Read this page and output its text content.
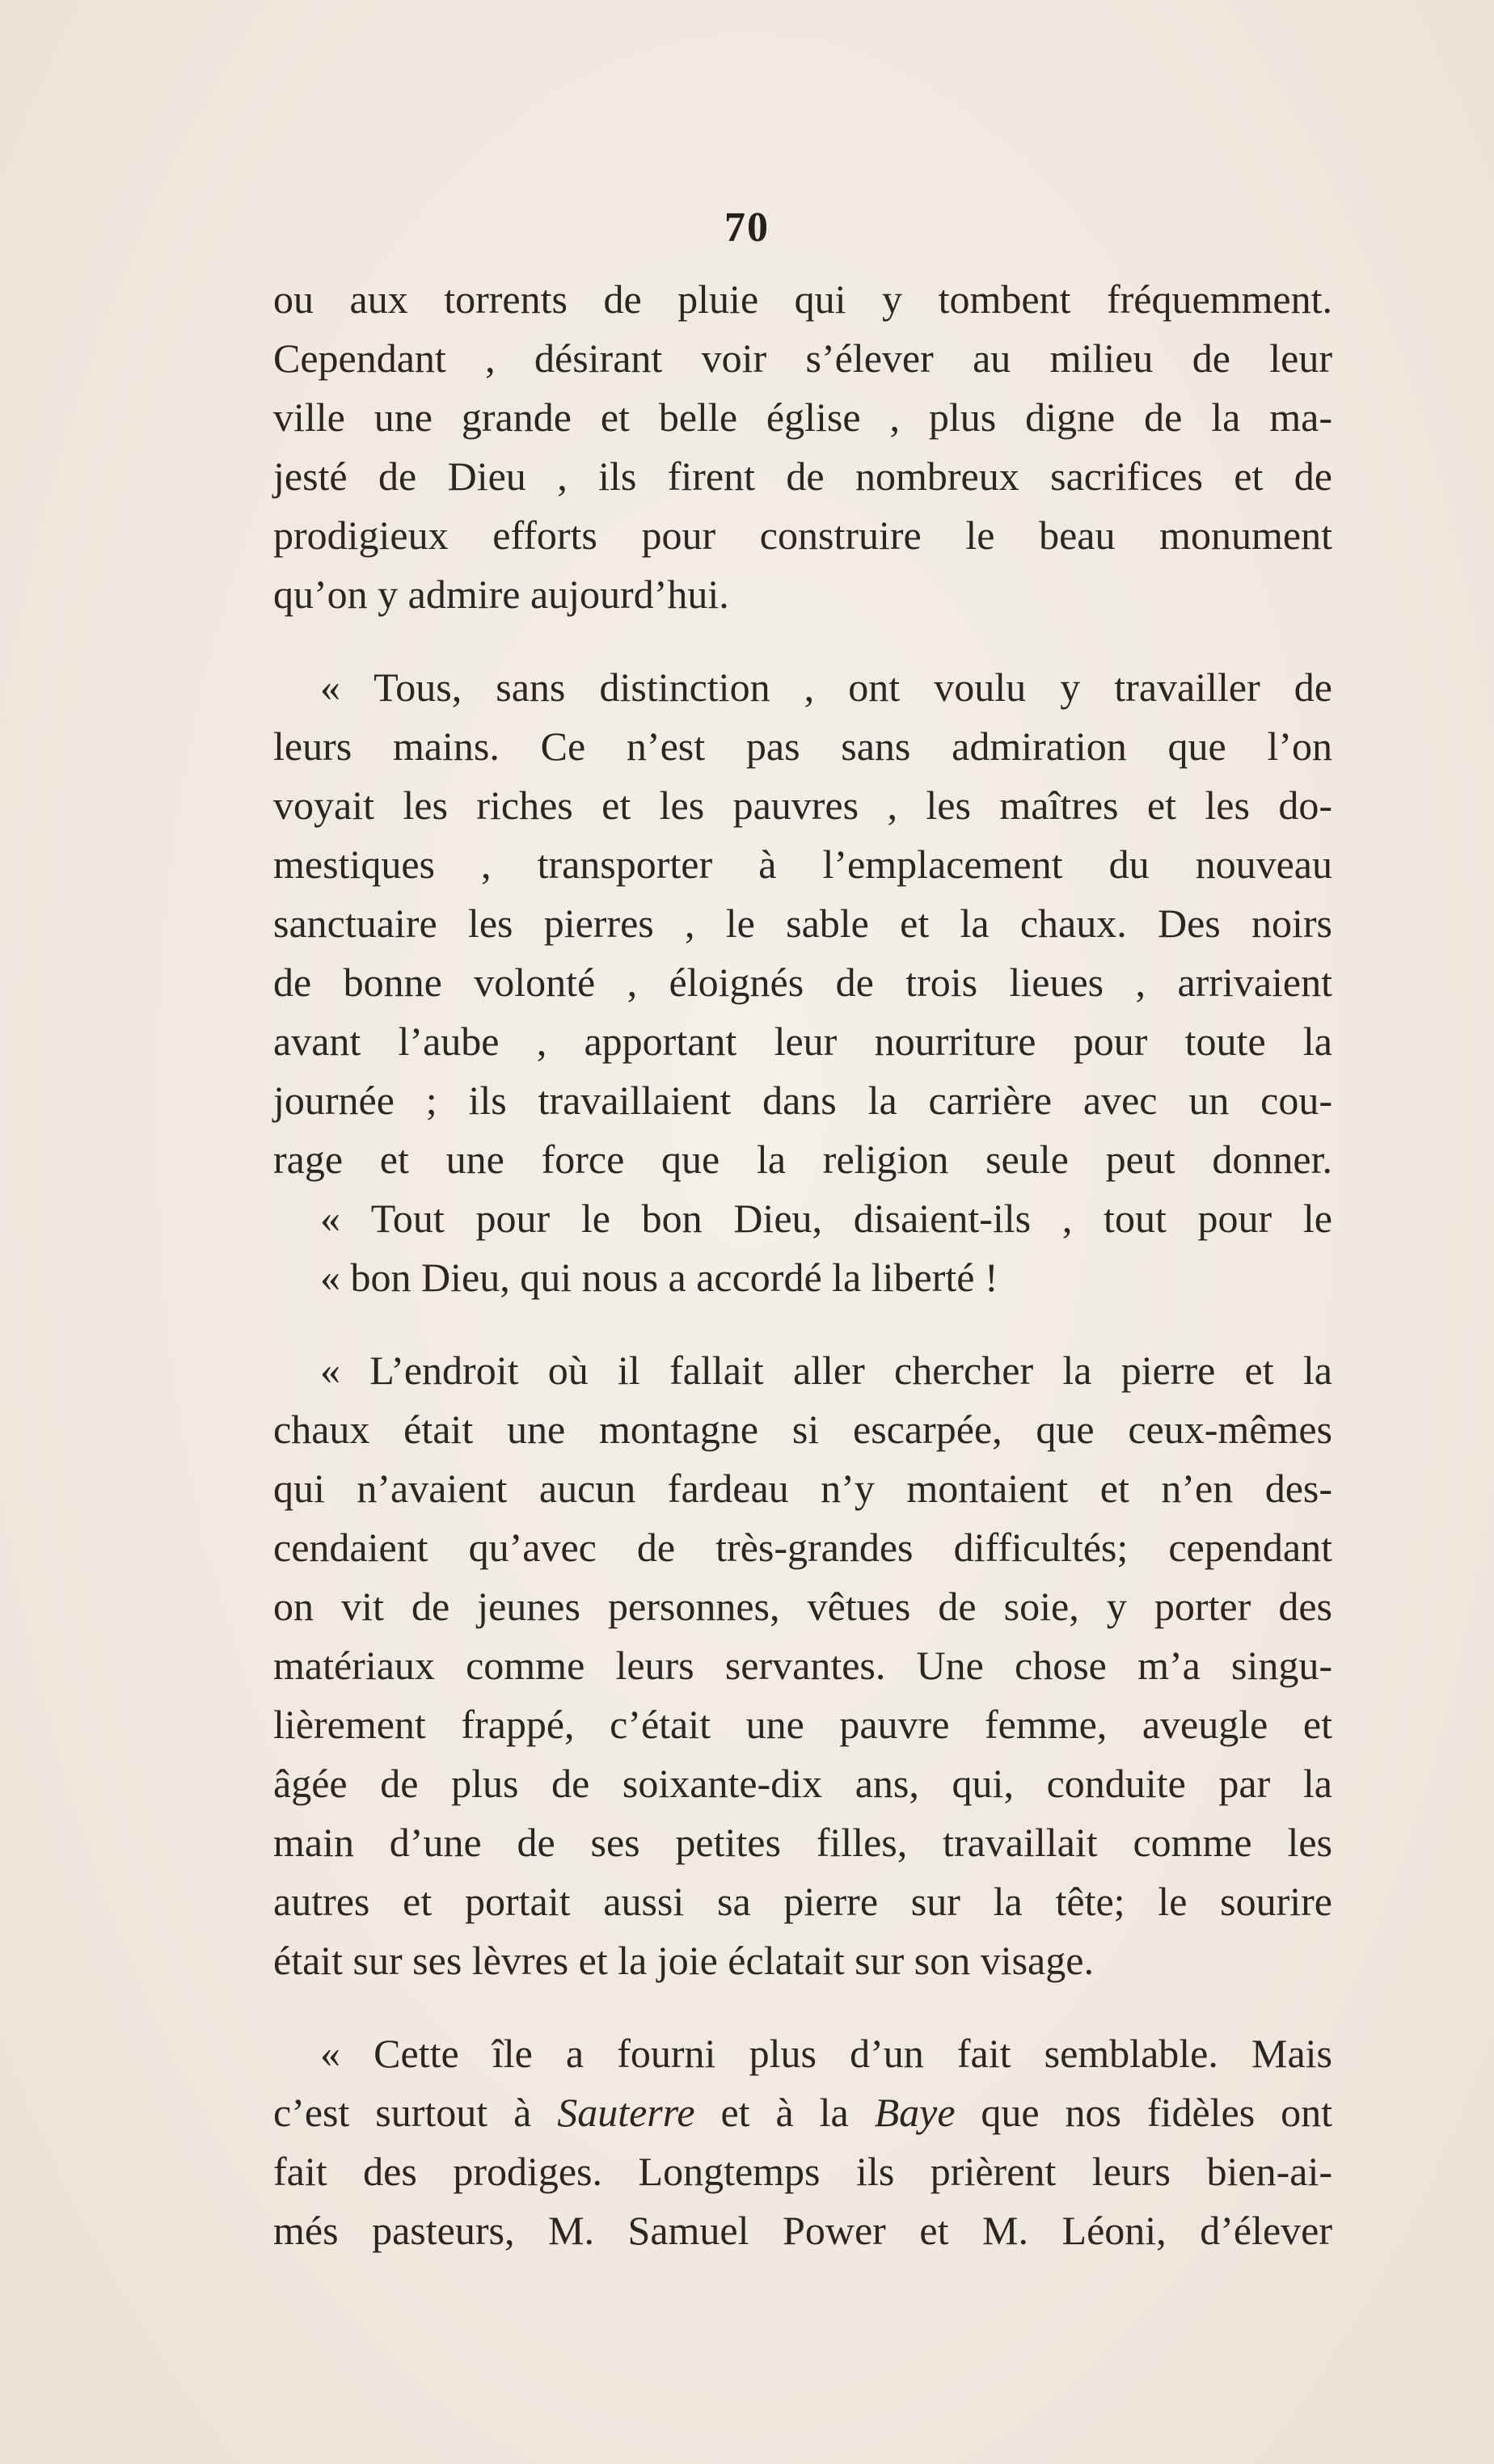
70
ou aux torrents de pluie qui y tombent fréquemment.
Cependant , désirant voir s’élever au milieu de leur
ville une grande et belle église , plus digne de la ma-
jesté de Dieu , ils firent de nombreux sacrifices et de
prodigieux efforts pour construire le beau monument
qu’on y admire aujourd’hui.
« Tous, sans distinction , ont voulu y travailler de
leurs mains. Ce n’est pas sans admiration que l’on
voyait les riches et les pauvres , les maîtres et les do-
mestiques , transporter à l’emplacement du nouveau
sanctuaire les pierres , le sable et la chaux. Des noirs
de bonne volonté , éloignés de trois lieues , arrivaient
avant l’aube , apportant leur nourriture pour toute la
journée ; ils travaillaient dans la carrière avec un cou-
rage et une force que la religion seule peut donner.
« Tout pour le bon Dieu, disaient-ils , tout pour le
« bon Dieu, qui nous a accordé la liberté !
« L’endroit où il fallait aller chercher la pierre et la
chaux était une montagne si escarpée, que ceux-mêmes
qui n’avaient aucun fardeau n’y montaient et n’en des-
cendaient qu’avec de très-grandes difficultés; cependant
on vit de jeunes personnes, vêtues de soie, y porter des
matériaux comme leurs servantes. Une chose m’a singu-
lièrement frappé, c’était une pauvre femme, aveugle et
âgée de plus de soixante-dix ans, qui, conduite par la
main d’une de ses petites filles, travaillait comme les
autres et portait aussi sa pierre sur la tête; le sourire
était sur ses lèvres et la joie éclatait sur son visage.
« Cette île a fourni plus d’un fait semblable. Mais
c’est surtout à Sauterre et à la Baye que nos fidèles ont
fait des prodiges. Longtemps ils prièrent leurs bien-ai-
més pasteurs, M. Samuel Power et M. Léoni, d’élever
